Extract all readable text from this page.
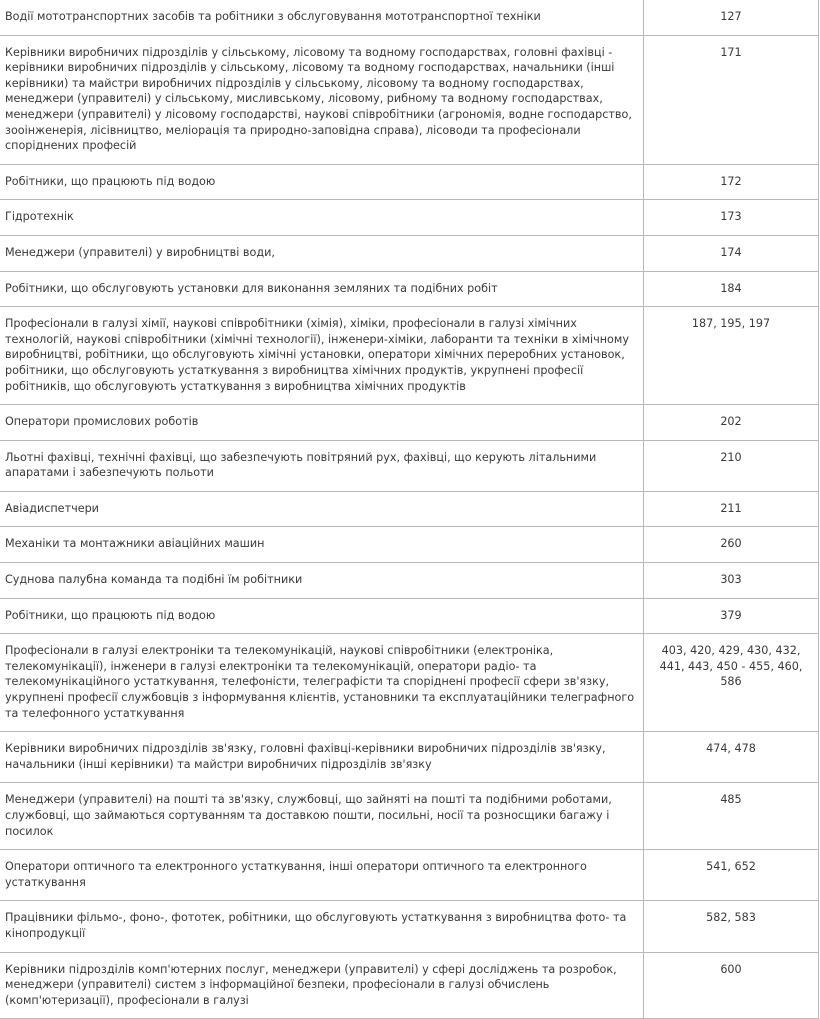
Водії мототранспортних засобів та робітники з обслуговування мототранспортної техніки	127
Керівники виробничих підрозділів у сільському, лісовому та водному господарствах, головні фахівці - керівники виробничих підрозділів у сільському, лісовому та водному господарствах, начальники (інші керівники) та майстри виробничих підрозділів у сільському, лісовому та водному господарствах, менеджери (управителі) у сільському, мисливському, лісовому, рибному та водному господарствах, менеджери (управителі) у лісовому господарстві, наукові співробітники (агрономія, водне господарство, зооінженерія, лісівництво, меліорація та природно-заповідна справа), лісоводи та професіонали споріднених професій	171
Робітники, що працюють під водою	172
Гідротехнік	173
Менеджери (управителі) у виробництві води,	174
Робітники, що обслуговують установки для виконання земляних та подібних робіт	184
Професіонали в галузі хімії, наукові співробітники (хімія), хіміки, професіонали в галузі хімічних технологій, наукові співробітники (хімічні технології), інженери-хіміки, лаборанти та техніки в хімічному виробництві, робітники, що обслуговують хімічні установки, оператори хімічних переробних установок, робітники, що обслуговують устаткування з виробництва хімічних продуктів, укрупнені професії робітників, що обслуговують устаткування з виробництва хімічних продуктів	187, 195, 197
Оператори промислових роботів	202
Льотні фахівці, технічні фахівці, що забезпечують повітряний рух, фахівці, що керують літальними апаратами і забезпечують польоти	210
Авіадиспетчери	211
Механіки та монтажники авіаційних машин	260
Суднова палубна команда та подібні їм робітники	303
Робітники, що працюють під водою	379
Професіонали в галузі електроніки та телекомунікацій, наукові співробітники (електроніка, телекомунікації), інженери в галузі електроніки та телекомунікацій, оператори радіо- та телекомунікаційного устаткування, телефоністи, телеграфісти та споріднені професії сфери зв'язку, укрупнені професії службовців з інформування клієнтів, установники та експлуатаційники телеграфного та телефонного устаткування	403, 420, 429, 430, 432, 441, 443, 450 - 455, 460, 586
Керівники виробничих підрозділів зв'язку, головні фахівці-керівники виробничих підрозділів зв'язку, начальники (інші керівники) та майстри виробничих підрозділів зв'язку	474, 478
Менеджери (управителі) на пошті та зв'язку, службовці, що зайняті на пошті та подібними роботами, службовці, що займаються сортуванням та доставкою пошти, посильні, носії та розносщики багажу і посилок	485
Оператори оптичного та електронного устаткування, інші оператори оптичного та електронного устаткування	541, 652
Працівники фільмо-, фоно-, фототек, робітники, що обслуговують устаткування з виробництва фото- та кінопродукції	582, 583
Керівники підрозділів комп'ютерних послуг, менеджери (управителі) у сфері досліджень та розробок, менеджери (управителі) систем з інформаційної безпеки, професіонали в галузі обчислень (комп'ютеризації), професіонали в галузі	600
